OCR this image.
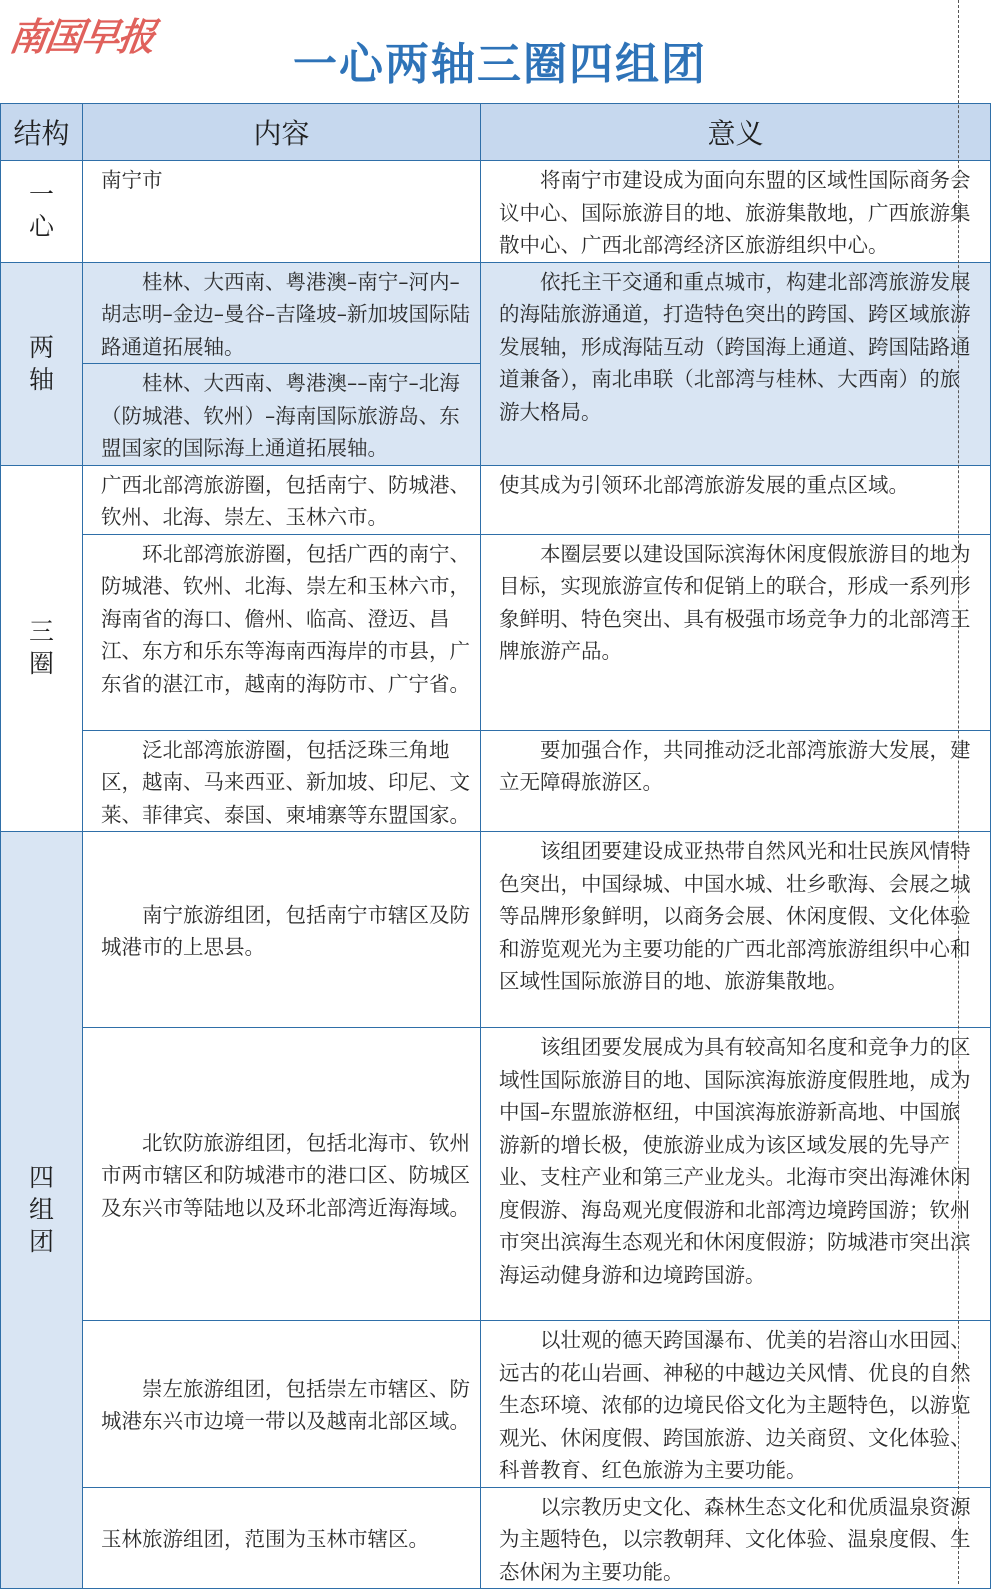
南国早报
一心两轴三圈四组团
结构	内容	意义
一心	南宁市	将南宁市建设成为面向东盟的区域性国际商务会议中心、国际旅游目的地、旅游集散地，广西旅游集散中心、广西北部湾经济区旅游组织中心。
两轴	桂林、大西南、粤港澳–南宁–河内–胡志明–金边–曼谷–吉隆坡–新加坡国际陆路通道拓展轴。	依托主干交通和重点城市，构建北部湾旅游发展的海陆旅游通道，打造特色突出的跨国、跨区域旅游发展轴，形成海陆互动（跨国海上通道、跨国陆路通道兼备），南北串联（北部湾与桂林、大西南）的旅游大格局。
	桂林、大西南、粤港澳––南宁–北海（防城港、钦州）–海南国际旅游岛、东盟国家的国际海上通道拓展轴。	
三圈	广西北部湾旅游圈，包括南宁、防城港、钦州、北海、崇左、玉林六市。	使其成为引领环北部湾旅游发展的重点区域。
	环北部湾旅游圈，包括广西的南宁、防城港、钦州、北海、崇左和玉林六市，海南省的海口、儋州、临高、澄迈、昌江、东方和乐东等海南西海岸的市县，广东省的湛江市，越南的海防市、广宁省。	本圈层要以建设国际滨海休闲度假旅游目的地为目标，实现旅游宣传和促销上的联合，形成一系列形象鲜明、特色突出、具有极强市场竞争力的北部湾王牌旅游产品。
	泛北部湾旅游圈，包括泛珠三角地区，越南、马来西亚、新加坡、印尼、文莱、菲律宾、泰国、柬埔寨等东盟国家。	要加强合作，共同推动泛北部湾旅游大发展，建立无障碍旅游区。
四组团	南宁旅游组团，包括南宁市辖区及防城港市的上思县。	该组团要建设成亚热带自然风光和壮民族风情特色突出，中国绿城、中国水城、壮乡歌海、会展之城等品牌形象鲜明，以商务会展、休闲度假、文化体验和游览观光为主要功能的广西北部湾旅游组织中心和区域性国际旅游目的地、旅游集散地。
	北钦防旅游组团，包括北海市、钦州市两市辖区和防城港市的港口区、防城区及东兴市等陆地以及环北部湾近海海域。	该组团要发展成为具有较高知名度和竞争力的区域性国际旅游目的地、国际滨海旅游度假胜地，成为中国–东盟旅游枢纽，中国滨海旅游新高地、中国旅游新的增长极，使旅游业成为该区域发展的先导产业、支柱产业和第三产业龙头。北海市突出海滩休闲度假游、海岛观光度假游和北部湾边境跨国游；钦州市突出滨海生态观光和休闲度假游；防城港市突出滨海运动健身游和边境跨国游。
	崇左旅游组团，包括崇左市辖区、防城港东兴市边境一带以及越南北部区域。	以壮观的德天跨国瀑布、优美的岩溶山水田园、远古的花山岩画、神秘的中越边关风情、优良的自然生态环境、浓郁的边境民俗文化为主题特色，以游览观光、休闲度假、跨国旅游、边关商贸、文化体验、科普教育、红色旅游为主要功能。
	玉林旅游组团，范围为玉林市辖区。	以宗教历史文化、森林生态文化和优质温泉资源为主题特色，以宗教朝拜、文化体验、温泉度假、生态休闲为主要功能。
